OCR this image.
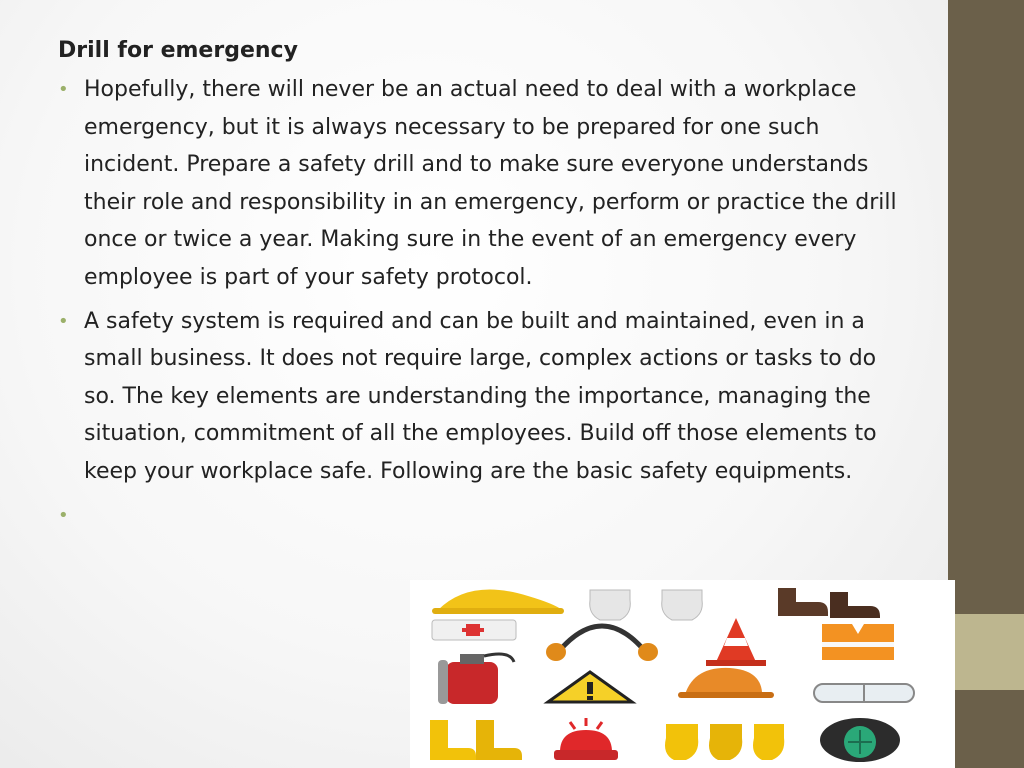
Drill for emergency
• Hopefully, there will never be an actual need to deal with a workplace emergency, but it is always necessary to be prepared for one such incident. Prepare a safety drill and to make sure everyone understands their role and responsibility in an emergency, perform or practice the drill once or twice a year. Making sure in the event of an emergency every employee is part of your safety protocol.
• A safety system is required and can be built and maintained, even in a small business. It does not require large, complex actions or tasks to do so. The key elements are understanding the importance, managing the situation, commitment of all the employees. Build off those elements to keep your workplace safe. Following are the basic safety equipments.
•
